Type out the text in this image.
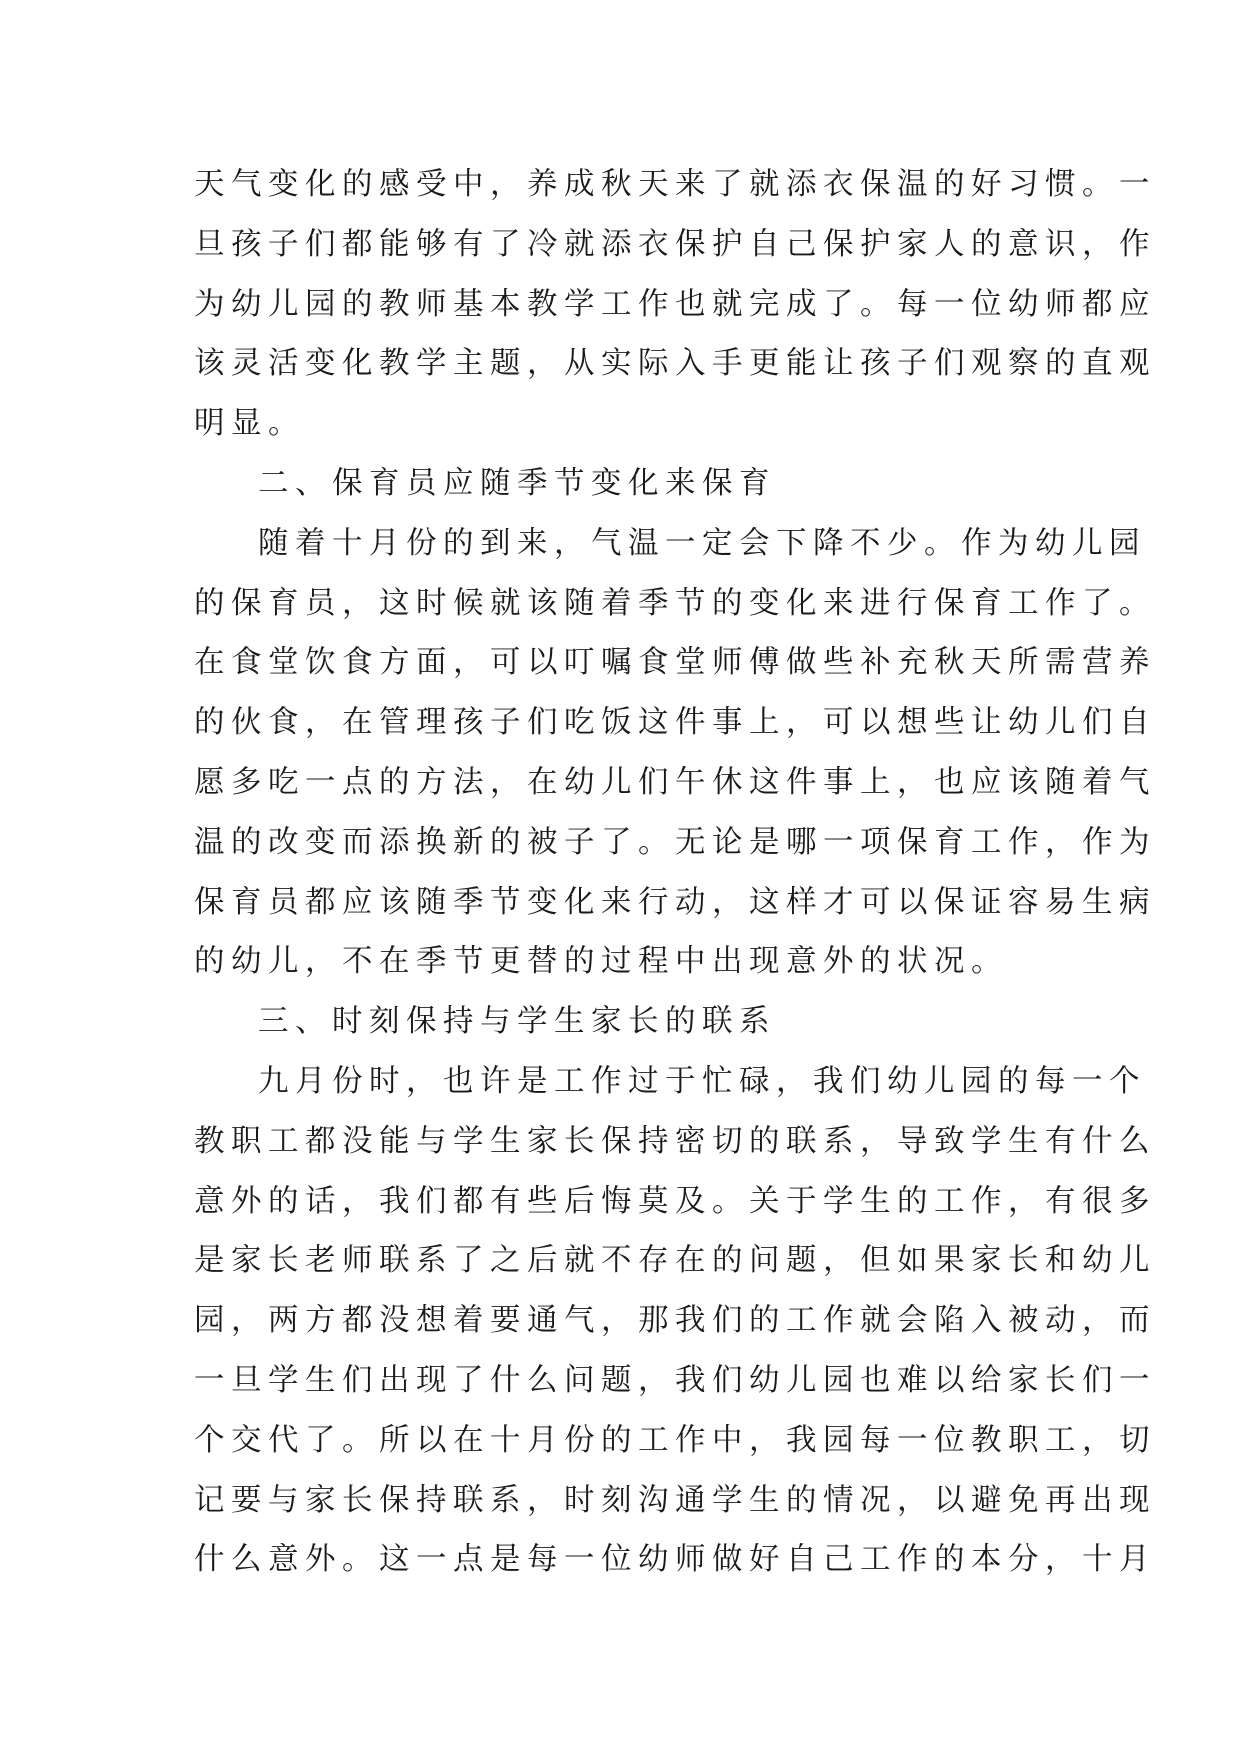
天气变化的感受中，养成秋天来了就添衣保温的好习惯。一
旦孩子们都能够有了冷就添衣保护自己保护家人的意识，作
为幼儿园的教师基本教学工作也就完成了。每一位幼师都应
该灵活变化教学主题，从实际入手更能让孩子们观察的直观
明显。
二、保育员应随季节变化来保育
随着十月份的到来，气温一定会下降不少。作为幼儿园
的保育员，这时候就该随着季节的变化来进行保育工作了。
在食堂饮食方面，可以叮嘱食堂师傅做些补充秋天所需营养
的伙食，在管理孩子们吃饭这件事上，可以想些让幼儿们自
愿多吃一点的方法，在幼儿们午休这件事上，也应该随着气
温的改变而添换新的被子了。无论是哪一项保育工作，作为
保育员都应该随季节变化来行动，这样才可以保证容易生病
的幼儿，不在季节更替的过程中出现意外的状况。
三、时刻保持与学生家长的联系
九月份时，也许是工作过于忙碌，我们幼儿园的每一个
教职工都没能与学生家长保持密切的联系，导致学生有什么
意外的话，我们都有些后悔莫及。关于学生的工作，有很多
是家长老师联系了之后就不存在的问题，但如果家长和幼儿
园，两方都没想着要通气，那我们的工作就会陷入被动，而
一旦学生们出现了什么问题，我们幼儿园也难以给家长们一
个交代了。所以在十月份的工作中，我园每一位教职工，切
记要与家长保持联系，时刻沟通学生的情况，以避免再出现
什么意外。这一点是每一位幼师做好自己工作的本分，十月
